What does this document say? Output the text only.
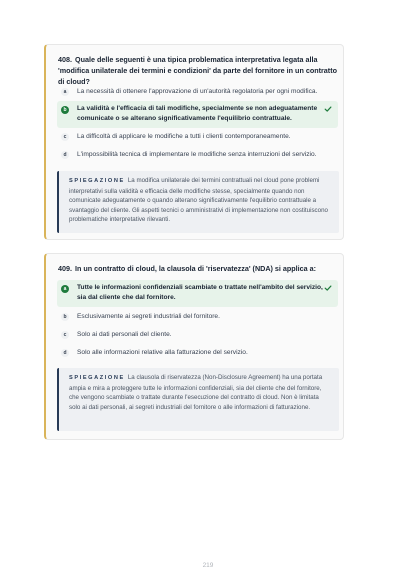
408. Quale delle seguenti è una tipica problematica interpretativa legata alla 'modifica unilaterale dei termini e condizioni' da parte del fornitore in un contratto di cloud?

a	La necessità di ottenere l'approvazione di un'autorità regolatoria per ogni modifica.
b	La validità e l'efficacia di tali modifiche, specialmente se non adeguatamente comunicate o se alterano significativamente l'equilibrio contrattuale.
c	La difficoltà di applicare le modifiche a tutti i clienti contemporaneamente.
d	L'impossibilità tecnica di implementare le modifiche senza interruzioni del servizio.
SPIEGAZIONE La modifica unilaterale dei termini contrattuali nel cloud pone problemi interpretativi sulla validità e efficacia delle modifiche stesse, specialmente quando non comunicate adeguatamente o quando alterano significativamente l'equilibrio contrattuale a svantaggio del cliente. Gli aspetti tecnici o amministrativi di implementazione non costituiscono problematiche interpretative rilevanti.

409. In un contratto di cloud, la clausola di 'riservatezza' (NDA) si applica a:

a	Tutte le informazioni confidenziali scambiate o trattate nell'ambito del servizio, sia dal cliente che dal fornitore.
b	Esclusivamente ai segreti industriali del fornitore.
c	Solo ai dati personali del cliente.
d	Solo alle informazioni relative alla fatturazione del servizio.
SPIEGAZIONE La clausola di riservatezza (Non-Disclosure Agreement) ha una portata ampia e mira a proteggere tutte le informazioni confidenziali, sia del cliente che del fornitore, che vengono scambiate o trattate durante l'esecuzione del contratto di cloud. Non è limitata solo ai dati personali, ai segreti industriali del fornitore o alle informazioni di fatturazione.
219
